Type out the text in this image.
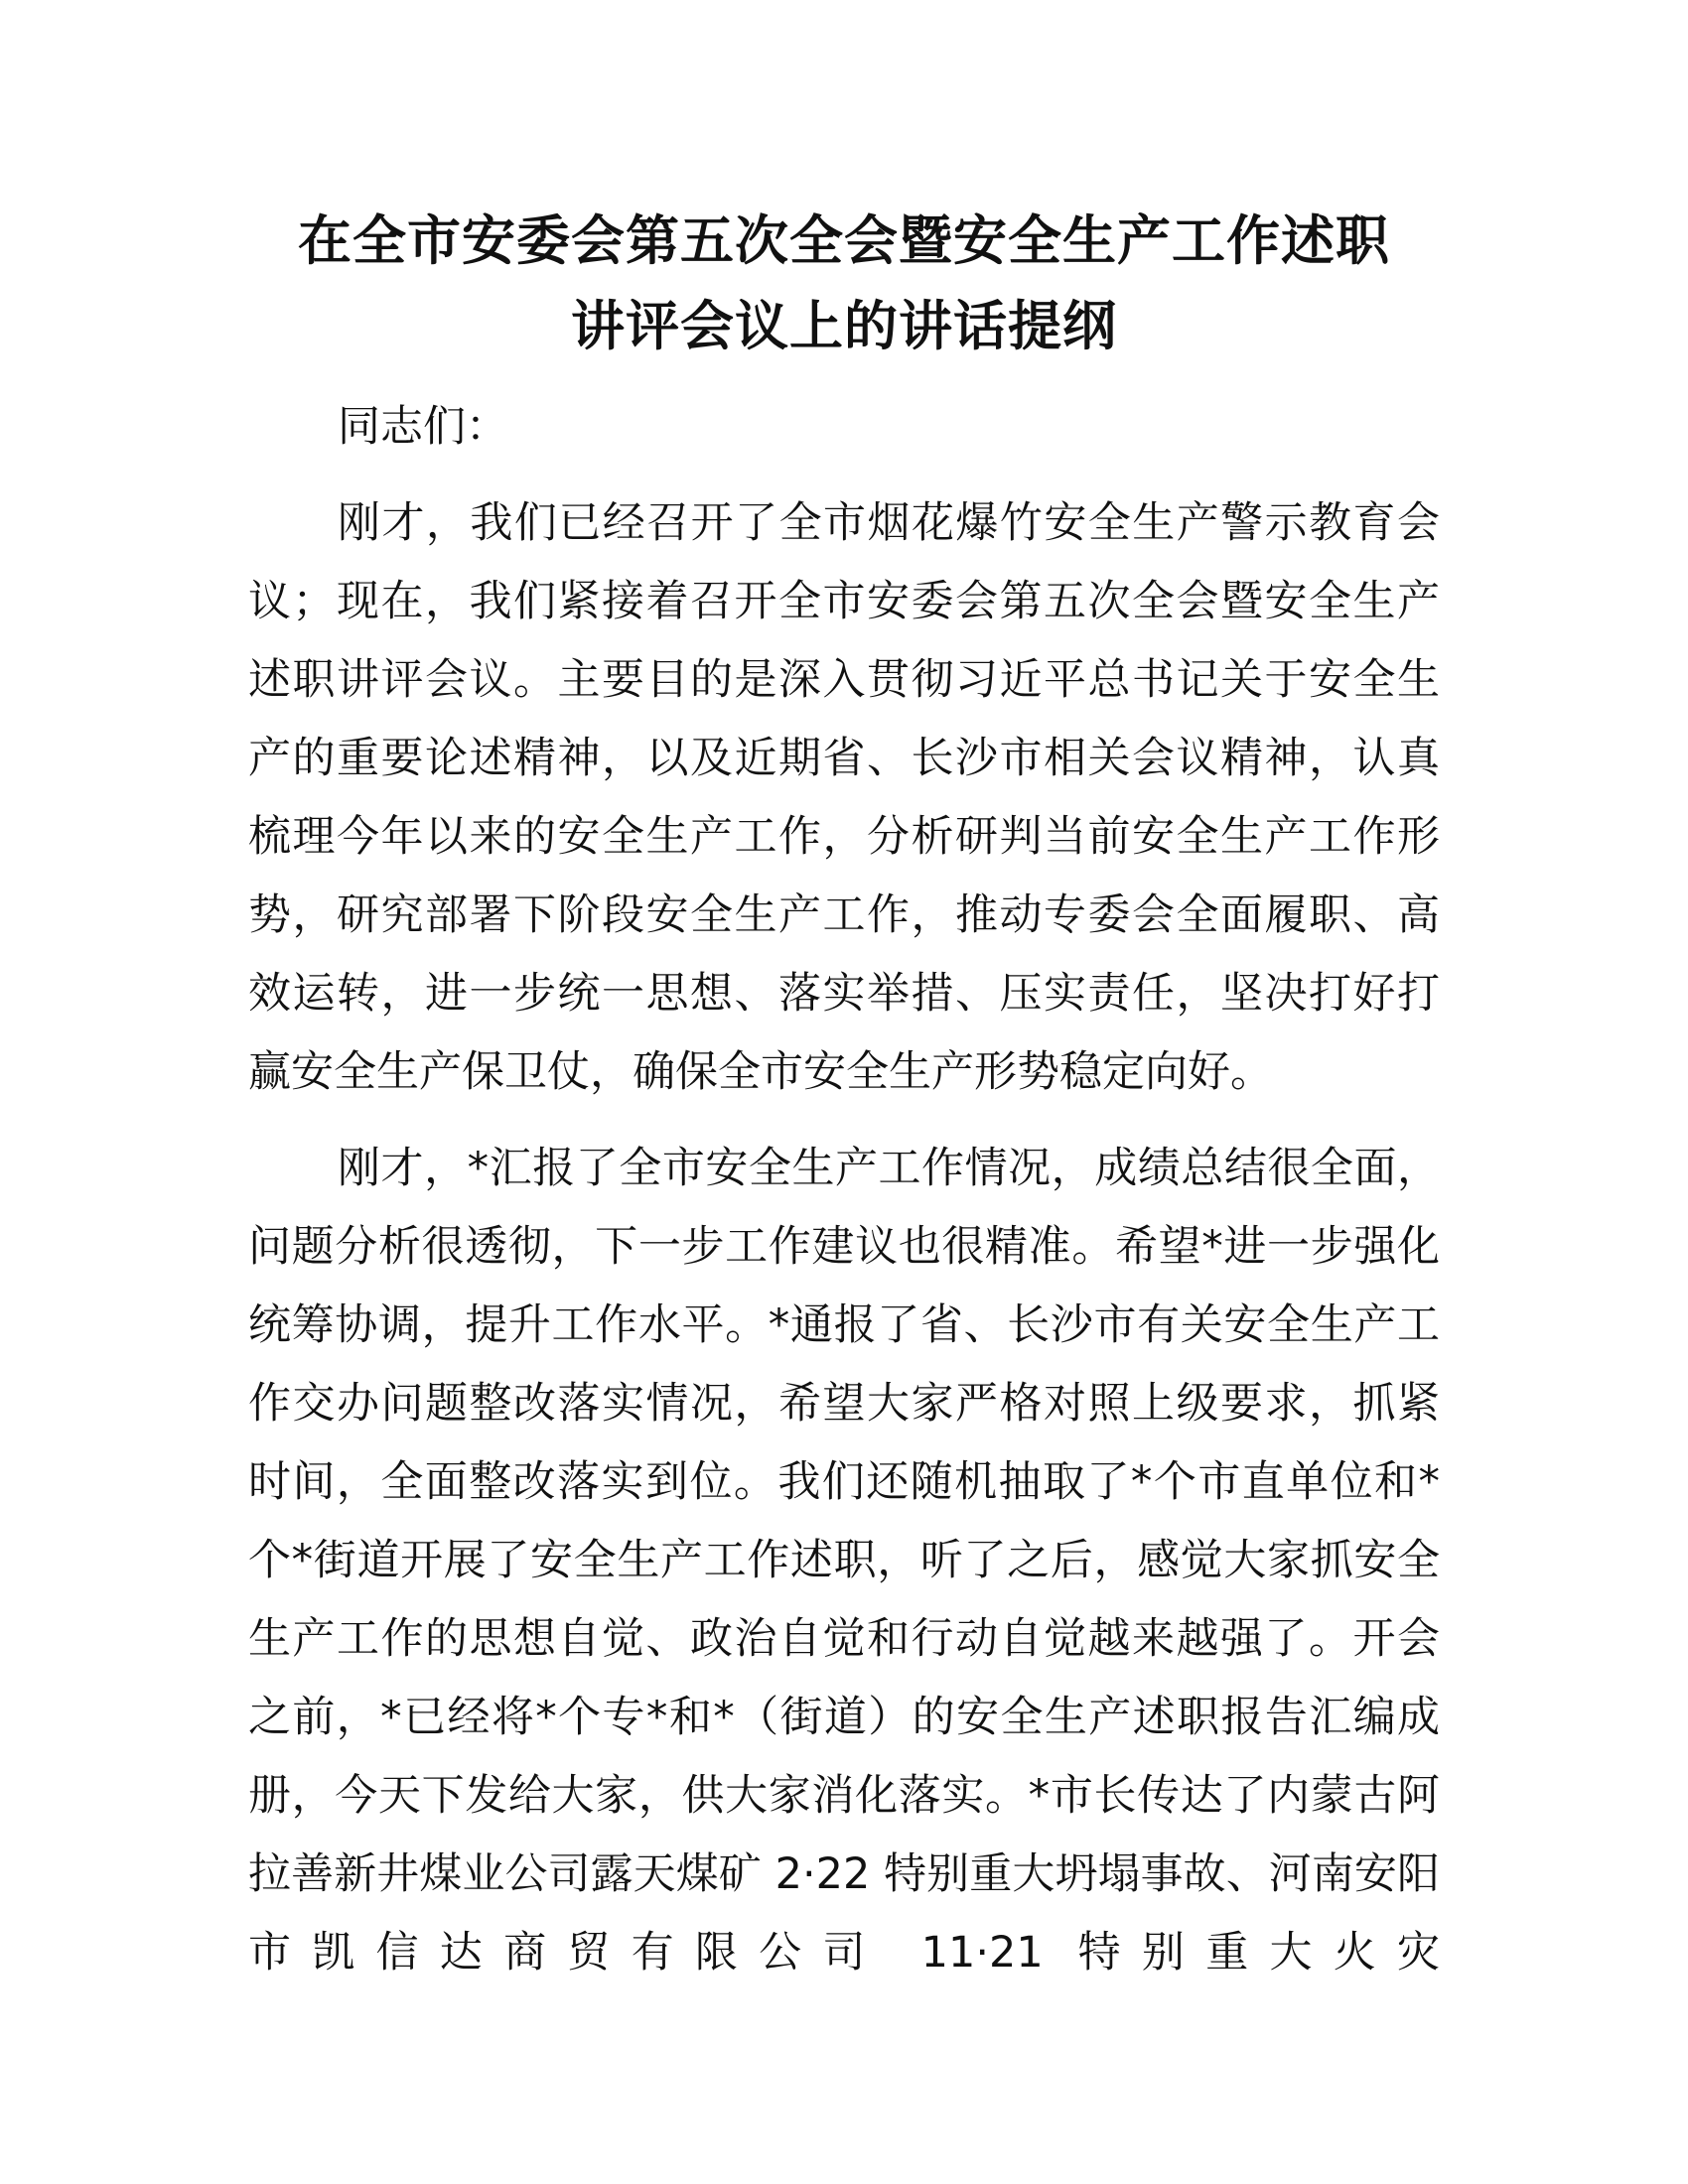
在全市安委会第五次全会暨安全生产工作述职
讲评会议上的讲话提纲

同志们：

刚才，我们已经召开了全市烟花爆竹安全生产警示教育会议；现在，我们紧接着召开全市安委会第五次全会暨安全生产述职讲评会议。主要目的是深入贯彻习近平总书记关于安全生产的重要论述精神，以及近期省、长沙市相关会议精神，认真梳理今年以来的安全生产工作，分析研判当前安全生产工作形势，研究部署下阶段安全生产工作，推动专委会全面履职、高效运转，进一步统一思想、落实举措、压实责任，坚决打好打赢安全生产保卫仗，确保全市安全生产形势稳定向好。

刚才，*汇报了全市安全生产工作情况，成绩总结很全面，问题分析很透彻，下一步工作建议也很精准。希望*进一步强化统筹协调，提升工作水平。*通报了省、长沙市有关安全生产工作交办问题整改落实情况，希望大家严格对照上级要求，抓紧时间，全面整改落实到位。我们还随机抽取了*个市直单位和*个*街道开展了安全生产工作述职，听了之后，感觉大家抓安全生产工作的思想自觉、政治自觉和行动自觉越来越强了。开会之前，*已经将*个专*和*（街道）的安全生产述职报告汇编成册，今天下发给大家，供大家消化落实。*市长传达了内蒙古阿拉善新井煤业公司露天煤矿 2·22 特别重大坍塌事故、河南安阳市凯信达商贸有限公司 11·21 特别重大火灾
